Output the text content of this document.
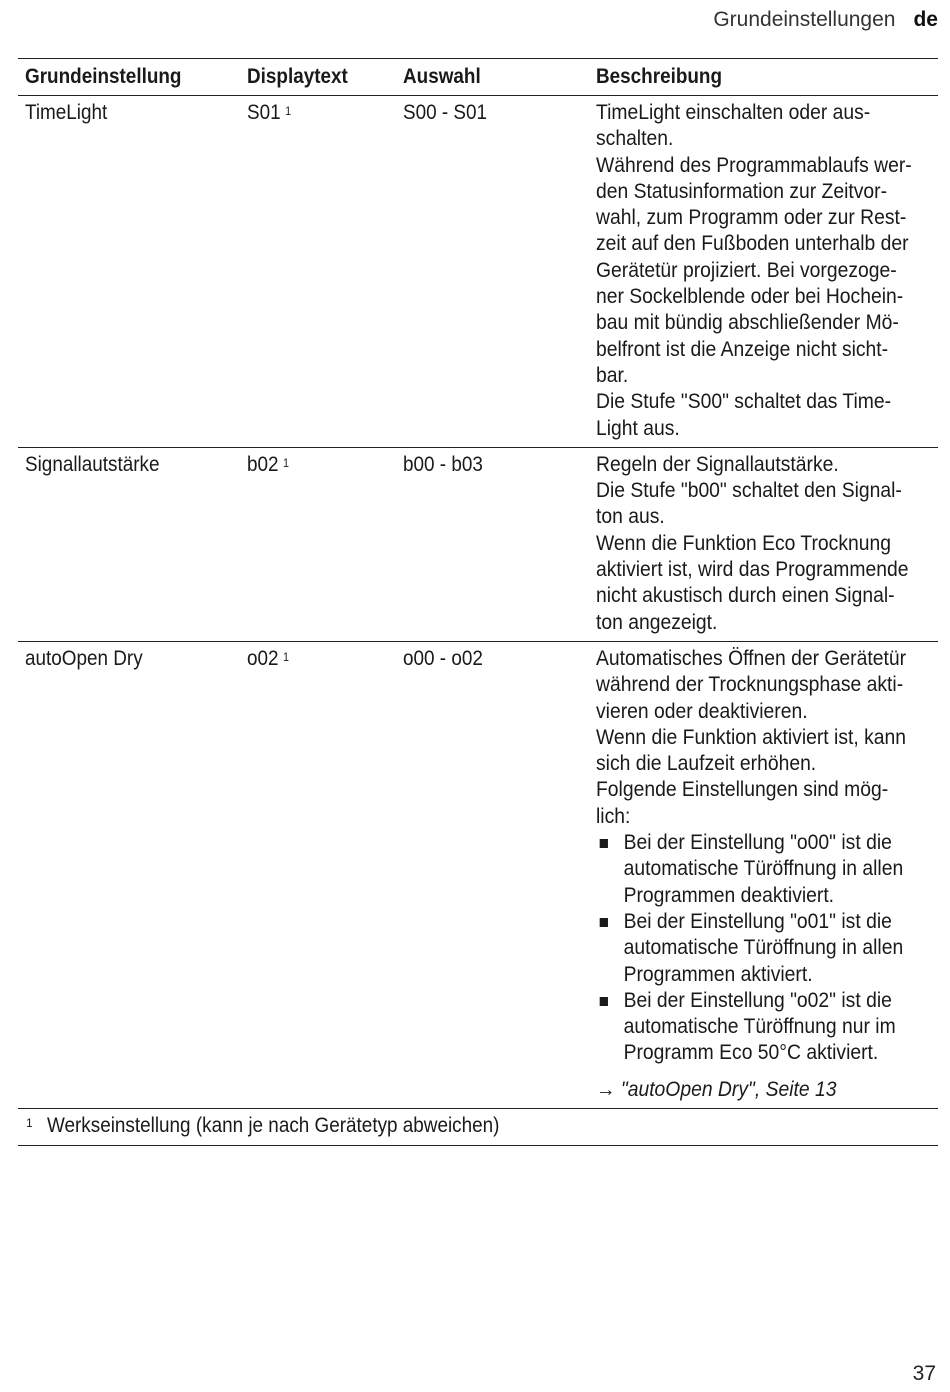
Grundeinstellungen de
Grundeinstellung	Displaytext	Auswahl	Beschreibung
TimeLight	S01 $^1$	S00 - S01	TimeLight einschalten oder aus-

schalten.

Während des Programmablaufs wer-

den Statusinformation zur Zeitvor-

wahl, zum Programm oder zur Rest-

zeit auf den Fußboden unterhalb der

Gerätetür projiziert. Bei vorgezoge-

ner Sockelblende oder bei Hochein-

bau mit bündig abschließender Mö-

belfront ist die Anzeige nicht sicht-

bar.

Die Stufe "S00" schaltet das Time-

Light aus.

Signallautstärke	b02 $^1$	b00 - b03	Regeln der Signallautstärke.

Die Stufe "b00" schaltet den Signal-

ton aus.

Wenn die Funktion Eco Trocknung

aktiviert ist, wird das Programmende

nicht akustisch durch einen Signal-

ton angezeigt.

autoOpen Dry	o02 $^1$	o00 - o02	Automatisches Öffnen der Gerätetür

während der Trocknungsphase akti-

vieren oder deaktivieren.

Wenn die Funktion aktiviert ist, kann

sich die Laufzeit erhöhen.

Folgende Einstellungen sind mög-

lich:

Bei der Einstellung "o00" ist die
automatische Türöffnung in allen
Programmen deaktiviert.
Bei der Einstellung "o01" ist die
automatische Türöffnung in allen
Programmen aktiviert.
Bei der Einstellung "o02" ist die
automatische Türöffnung nur im
Programm Eco 50°C aktiviert.
→ "autoOpen Dry", Seite 13
1 Werkseinstellung (kann je nach Gerätetyp abweichen)
37
